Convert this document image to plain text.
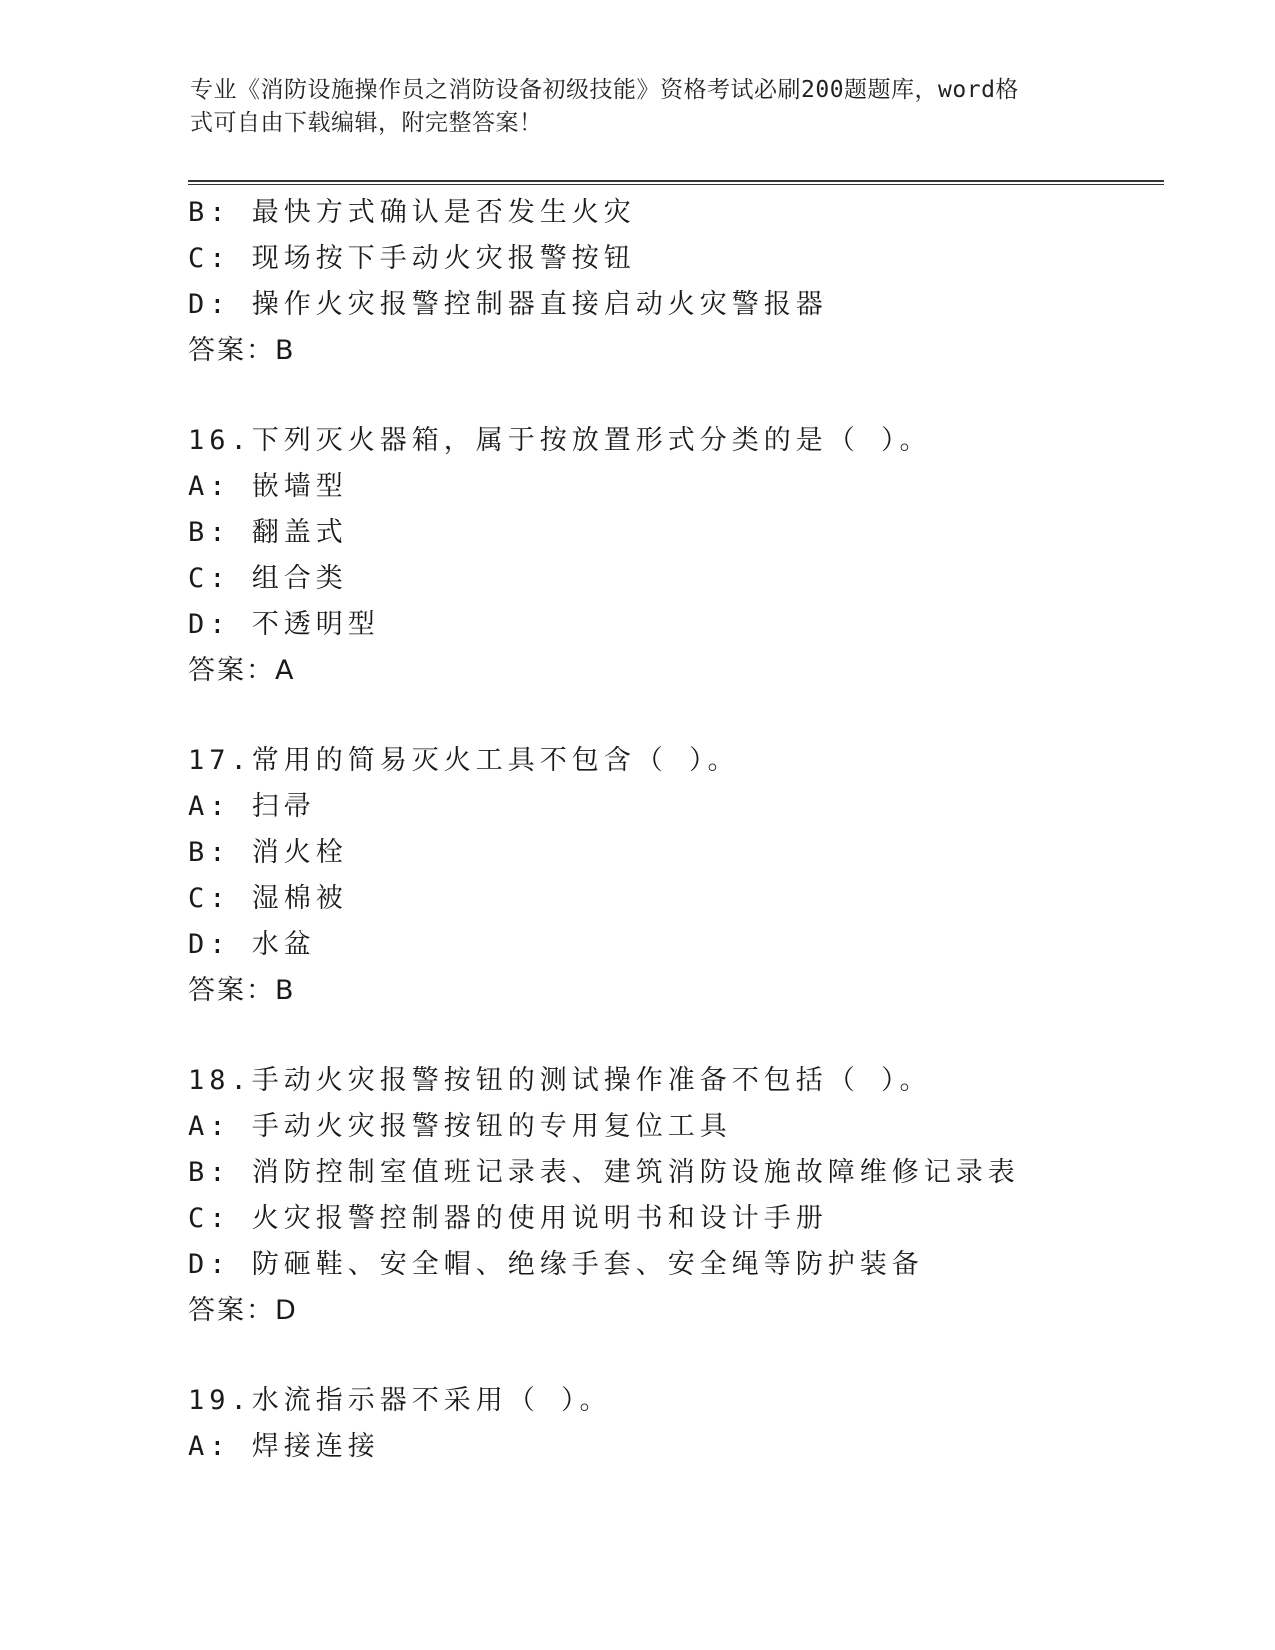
专业《消防设施操作员之消防设备初级技能》资格考试必刷200题题库，word格
式可自由下载编辑，附完整答案！
B: 最快方式确认是否发生火灾
C: 现场按下手动火灾报警按钮
D: 操作火灾报警控制器直接启动火灾警报器
答案：B
16.下列灭火器箱，属于按放置形式分类的是（ ）。
A: 嵌墙型
B: 翻盖式
C: 组合类
D: 不透明型
答案：A
17.常用的简易灭火工具不包含（ ）。
A: 扫帚
B: 消火栓
C: 湿棉被
D: 水盆
答案：B
18.手动火灾报警按钮的测试操作准备不包括（ ）。
A: 手动火灾报警按钮的专用复位工具
B: 消防控制室值班记录表、建筑消防设施故障维修记录表
C: 火灾报警控制器的使用说明书和设计手册
D: 防砸鞋、安全帽、绝缘手套、安全绳等防护装备
答案：D
19.水流指示器不采用（ ）。
A: 焊接连接
